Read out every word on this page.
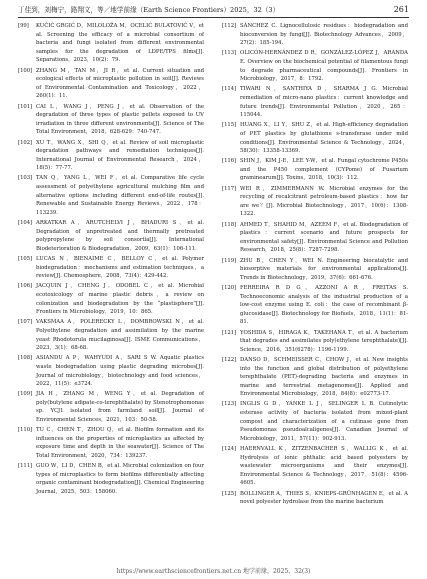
丁佳到，刘梅宁，路翔文，等／地学前缘（Earth Science Frontiers）2025，32（3）	261

[99] KUČIĆ GRGIĆ D，MILOLOŽA M，OCELIĆ BULATOVIĆ V，et al. Screening the efficacy of a microbial consortium of bacteria and fungi isolated from different environmental samples for the degradation of LDPE/TPS films[J]. Separations，2023，10(2)：79.

[100] ZHANG M，TAN M，JI R，et al. Current situation and ecological effects of microplastic pollution in soil[J]. Reviews of Environmental Contamination and Toxicology，2022，260(1)：11.

[101] CAI L，WANG J，PENG J，et al. Observation of the degradation of three types of plastic pellets exposed to UV irradiation in three different environments[J]. Science of The Total Environment，2018，628-629：740-747.

[102] XU T，WANG X，SHI Q，et al. Review of soil microplastic degradation pathways and remediation techniques[J]. International Journal of Environmental Research，2024，18(5)：77-77.

[103] TAN Q，YANG L，WEI F，et al. Comparative life cycle assessment of polyethylene agricultural mulching film and alternative options including different end-of-life routes[J]. Renewable and Sustainable Energy Reviews，2022，178：113239.

[104] ARKATKAR A，ARUTCHELVI J，BHADURI S，et al. Degradation of unpretreated and thermally pretreated polypropylene by soil consortia[J]. International Biodeterioration & Biodegradation，2009，63(1)：106-111.

[105] LUCAS N，BIENAIME C，BELLOY C，et al. Polymer biodegradation：mechanisms and estimation techniques，a review[J]. Chemosphere，2008，73(4)：429-442.

[106] JACQUIN J，CHENG J，ODOBEL C，et al. Microbial ecotoxicology of marine plastic debris，a review on colonization and biodegradation by the “plastisphere”[J]. Frontiers in Microbiology，2019，10：865.

[107] VAKSMAA A，POLERECKY L，DOMBROWSKI N，et al. Polyethylene degradation and assimilation by the marine yeast Rhodotorula mucilaginosa[J]. ISME Communications，2023，3(1)：68-68.

[108] ASIANDU A P，WAHYUDI A，SARI S W. Aquatic plastics waste biodegradation using plastic degrading microbes[J]. Journal of microbiology，biotechnology and food sciences，2022，11(5)：e3724.

[109] JIA H，ZHANG M，WENG Y，et al. Degradation of poly(butylene adipate-co-terephthalate) by Stenotrophomonas sp. YCJ1 isolated from farmland soil[J]. Journal of Environmental Sciences，2021，103：50-58.

[110] TU C，CHEN T，ZHOU Q，et al. Biofilm formation and its influences on the properties of microplastics as affected by exposure time and depth in the seawater[J]. Science of The Total Environment，2020，734：139237.

[111] GUO W，LI D，CHEN B，et al. Microbial colonization on four types of microplastics to form biofilms differentially affecting organic contaminant biodegradation[J]. Chemical Engineering Journal，2025，503：158060.

[112] SÁNCHEZ C. Lignocellulosic residues：biodegradation and bioconversion by fungi[J]. Biotechnology Advances，2009，27(2)：185-194.

[113] OLICÓN-HERNÁNDEZ D R，GONZÁLEZ-LÓPEZ J，ARANDA E. Overview on the biochemical potential of filamentous fungi to degrade pharmaceutical compounds[J]. Frontiers in Microbiology，2017，8：1792.

[114] TIWARI N，SANTHIYA D，SHARMA J G. Microbial remediation of micro-nano plastics：current knowledge and future trends[J]. Environmental Pollution，2020，265：115044.

[115] HUANG X，LI Y，SHU Z，et al. High-efficiency degradation of PET plastics by glutathione s-transferase under mild conditions[J]. Environmental Science & Technology，2024，58(30)：13358-13369.

[116] SHIN J，KIM J-E，LEE Y-W，et al. Fungal cytochrome P450s and the P450 complement (CYPome) of Fusarium graminearum[J]. Toxins，2018，10(3)：112.

[117] WEI R，ZIMMERMANN W. Microbial enzymes for the recycling of recalcitrant petroleum-based plastics：how far are we？[J]. Microbial Biotechnology，2017，10(6)：1308-1322.

[118] AHMED T，SHAHID M，AZEEM F，et al. Biodegradation of plastics：current scenario and future prospects for environmental safety[J]. Environmental Science and Pollution Research，2018，25(8)：7287-7298.

[119] ZHU B，CHEN Y，WEI N. Engineering biocatalytic and biosorptive materials for environmental applications[J]. Trends in Biotechnology，2019，37(6)：661-676.

[120] FERREIRA R D G，AZZONI A R，FREITAS S. Technoeconomic analysis of the industrial production of a low-cost enzyme using E. coli：the case of recombinant β-glucosidase[J]. Biotechnology for Biofuels，2018，11(1)：81-81.

[121] YOSHIDA S，HIRAGA K，TAKEHANA T，et al. A bacterium that degrades and assimilates poly(ethylene terephthalate)[J]. Science，2016，351(6278)：1196-1199.

[122] DANSO D，SCHMEISSER C，CHOW J，et al. New insights into the function and global distribution of polyethylene terephthalate (PET)-degrading bacteria and enzymes in marine and terrestrial metagenomes[J]. Applied and Environmental Microbiology，2018，84(8)：e02773-17.

[123] INGLIS G D，YANKE L J，SELINGER L B. Cutinolytic esterase activity of bacteria isolated from mixed-plant compost and characterization of a cutinase gene from Pseudomonas pseudoalcaligenes[J]. Canadian Journal of Microbiology，2011，57(11)：902-913.

[124] HAERNVALL K，ZITZENBACHER S，WALLIG K，et al. Hydrolysis of ionic phthalic acid based polyesters by wastewater microorganisms and their enzymes[J]. Environmental Science & Technology，2017，51(8)：4596-4605.

[125] BOLLINGER A，THIES S，KNIEPS-GRÜNHAGEN E，et al. A novel polyester hydrolase from the marine bacterium

https://www.earthsciencefrontiers.net.cn 地学前缘，2025，32(3)
